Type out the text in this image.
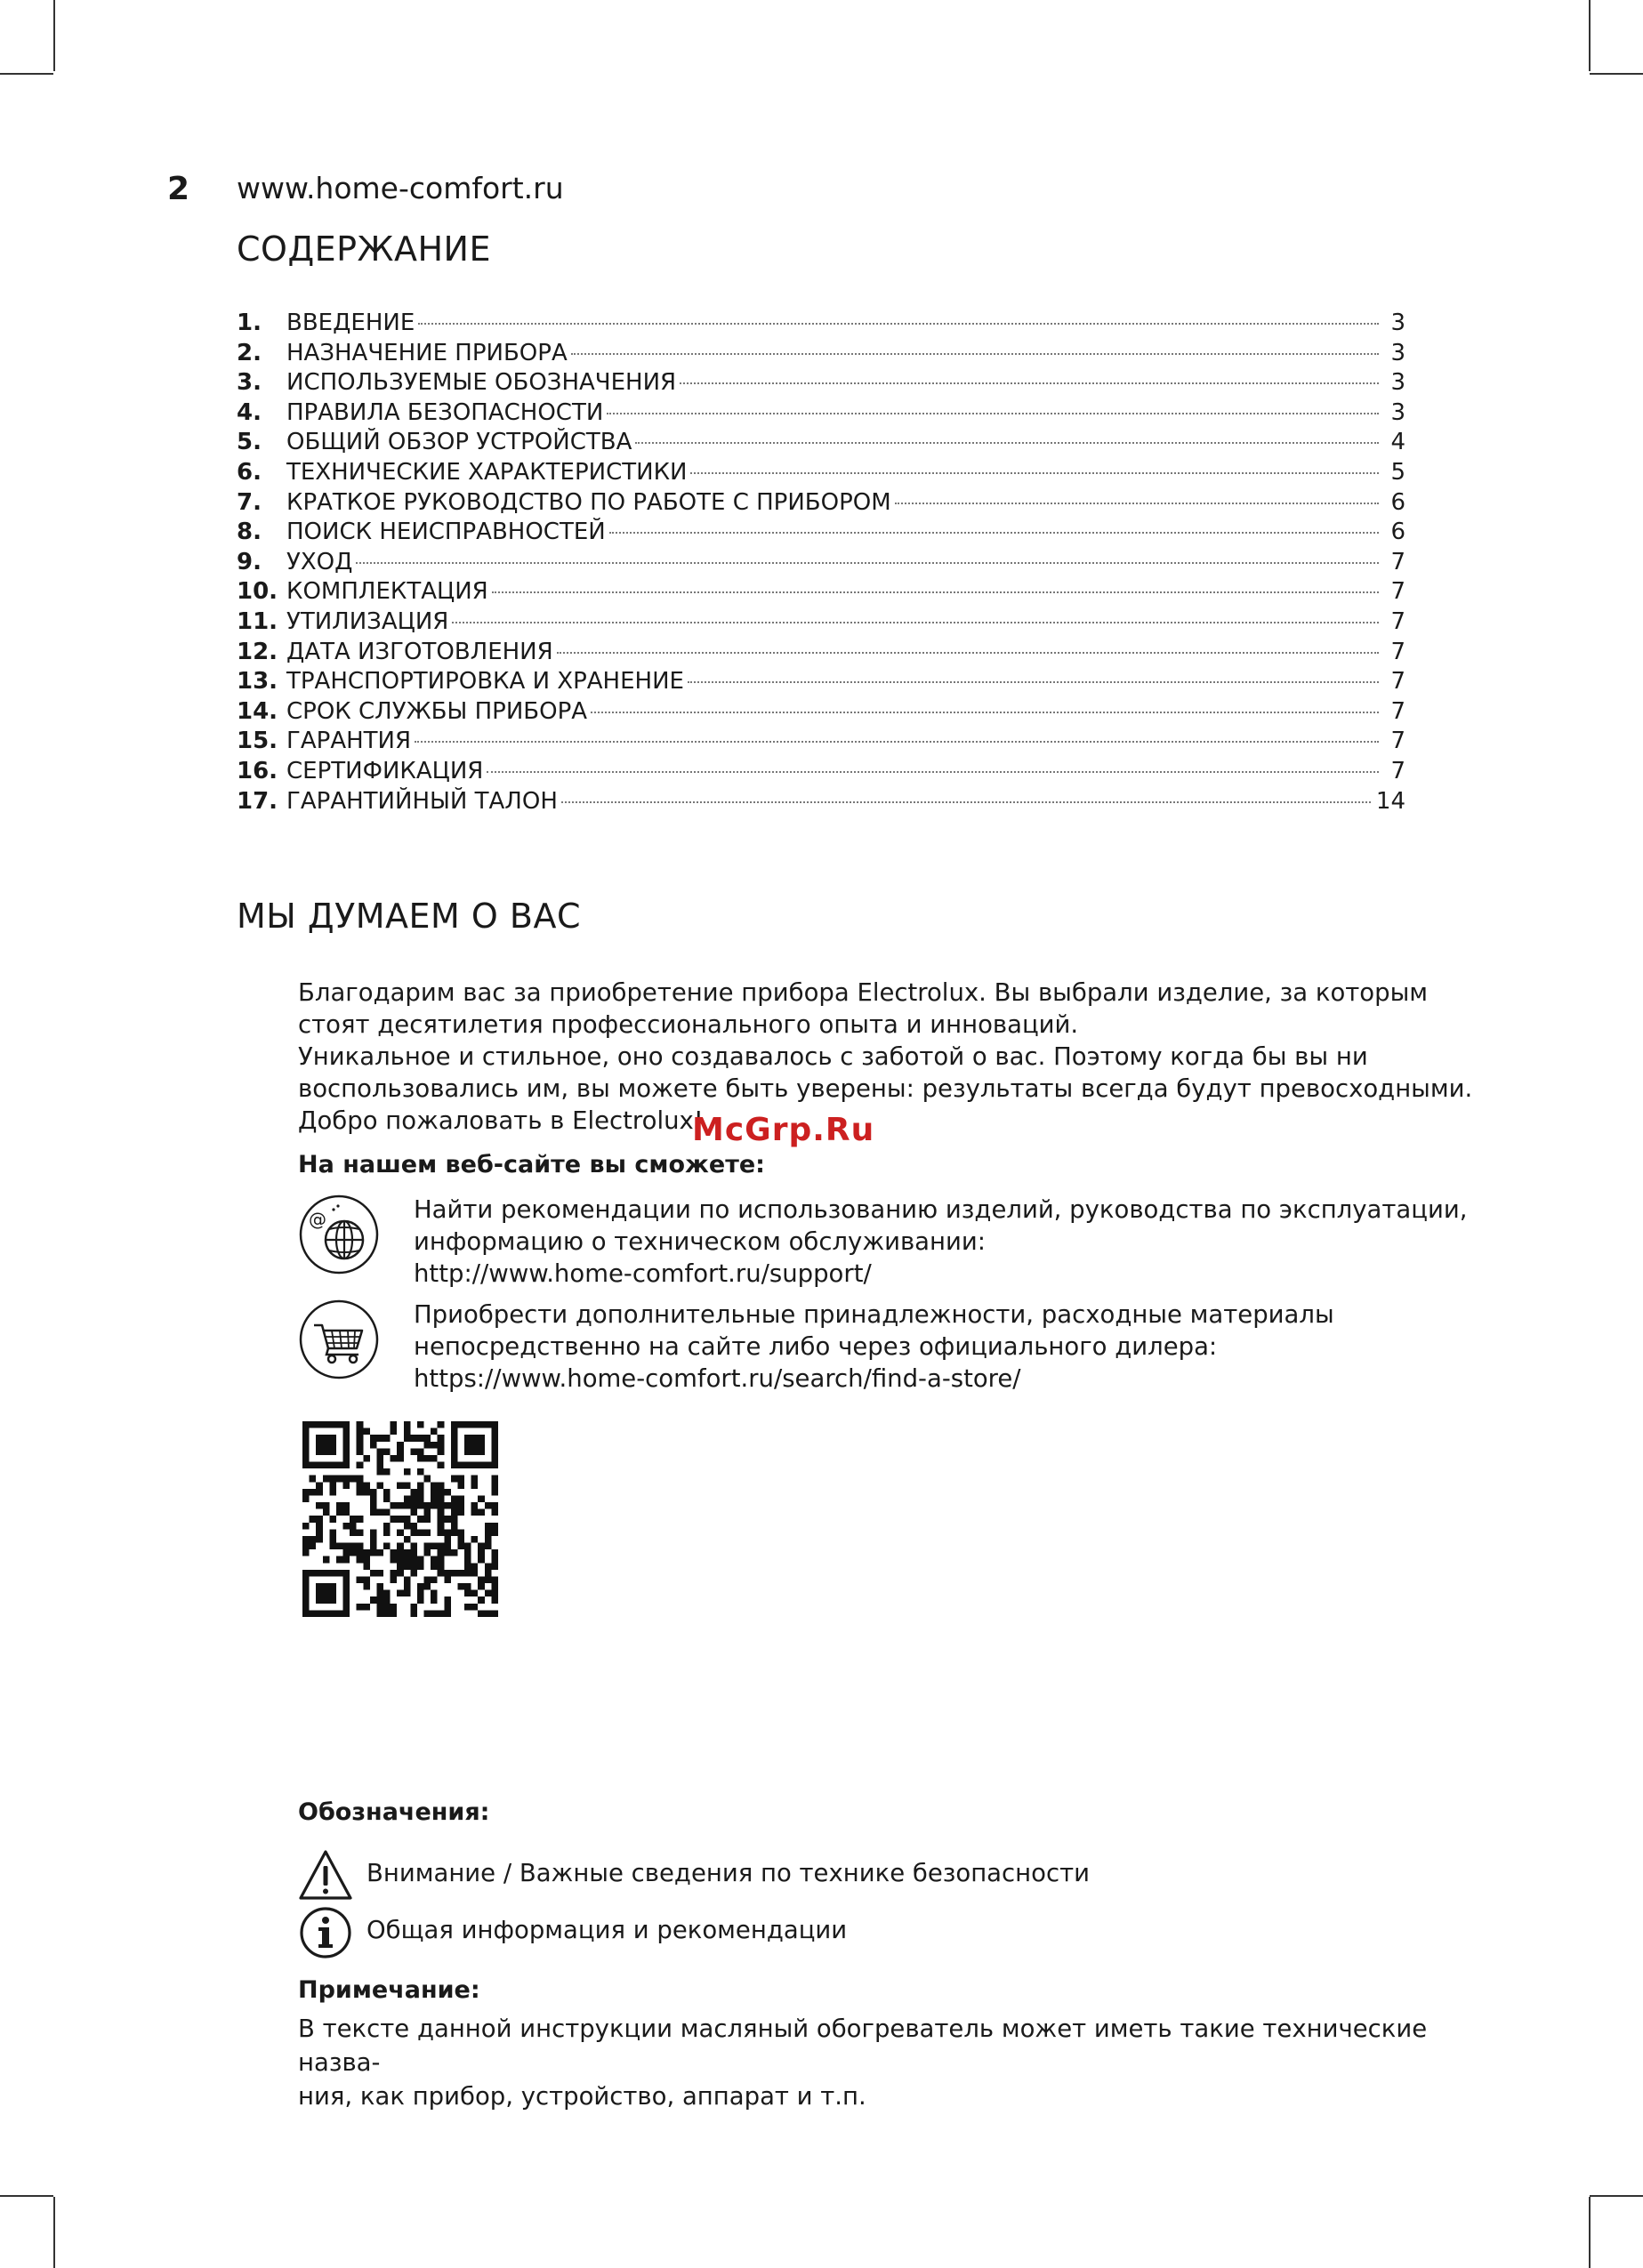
2 www.home-comfort.ru
СОДЕРЖАНИЕ
1.	ВВЕДЕНИЕ	3
2.	НАЗНАЧЕНИЕ ПРИБОРА	3
3.	ИСПОЛЬЗУЕМЫЕ ОБОЗНАЧЕНИЯ	3
4.	ПРАВИЛА БЕЗОПАСНОСТИ	3
5.	ОБЩИЙ ОБЗОР УСТРОЙСТВА	4
6.	ТЕХНИЧЕСКИЕ ХАРАКТЕРИСТИКИ	5
7.	КРАТКОЕ РУКОВОДСТВО ПО РАБОТЕ С ПРИБОРОМ	6
8.	ПОИСК НЕИСПРАВНОСТЕЙ	6
9.	УХОД	7
10. КОМПЛЕКТАЦИЯ	7
11. УТИЛИЗАЦИЯ	7
12. ДАТА ИЗГОТОВЛЕНИЯ	7
13. ТРАНСПОРТИРОВКА И ХРАНЕНИЕ	7
14. СРОК СЛУЖБЫ ПРИБОРА	7
15. ГАРАНТИЯ	7
16. СЕРТИФИКАЦИЯ	7
17. ГАРАНТИЙНЫЙ ТАЛОН	14
МЫ ДУМАЕМ О ВАС

Благодарим вас за приобретение прибора Electrolux. Вы выбрали изделие, за которым

стоят десятилетия профессионального опыта и инноваций.

Уникальное и стильное, оно создавалось с заботой о вас. Поэтому когда бы вы ни

воспользовались им, вы можете быть уверены: результаты всегда будут превосходными.

Добро пожаловать в Electrolux!

McGrp.Ru
На нашем веб-сайте вы сможете:
@	Найти рекомендации по использованию изделий, руководства по эксплуатации,
информацию о техническом обслуживании:
http://www.home-comfort.ru/support/
Приобрести дополнительные принадлежности, расходные материалы
непосредственно на сайте либо через официального дилера:
https://www.home-comfort.ru/search/find-a-store/
Обозначения:
Внимание / Важные сведения по технике безопасности
Общая информация и рекомендации
Примечание:
В тексте данной инструкции масляный обогреватель может иметь такие технические назва-
ния, как прибор, устройство, аппарат и т.п.
